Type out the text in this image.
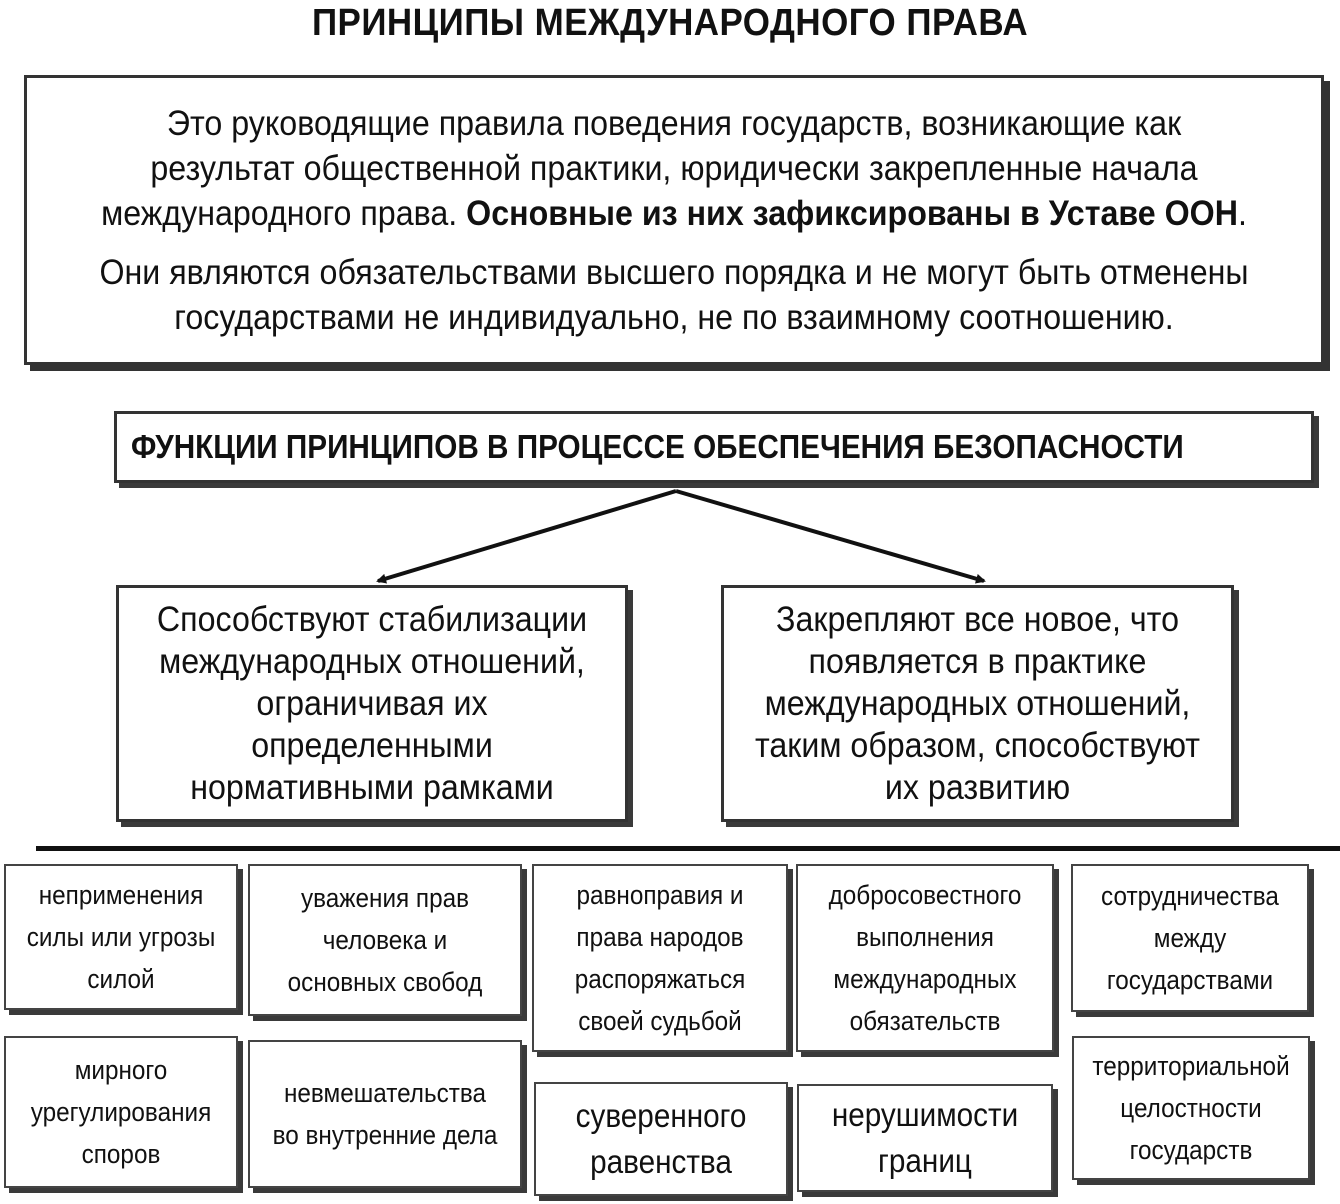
ПРИНЦИПЫ МЕЖДУНАРОДНОГО ПРАВА

Это руководящие правила поведения государств, возникающие как результат общественной практики, юридически закрепленные начала международного права. Основные из них зафиксированы в Уставе ООН.

Они являются обязательствами высшего порядка и не могут быть отменены государствами не индивидуально, не по взаимному соотношению.

ФУНКЦИИ ПРИНЦИПОВ В ПРОЦЕССЕ ОБЕСПЕЧЕНИЯ БЕЗОПАСНОСТИ
Способствуют стабилизации международных отношений, ограничивая их определенными нормативными рамками
Закрепляют все новое, что появляется в практике международных отношений, таким образом, способствуют их развитию
неприменения силы или угрозы силой
уважения прав человека и основных свобод
равноправия и права народов распоряжаться своей судьбой
добросовестного выполнения международных обязательств
сотрудничества между государствами
мирного урегулирования споров
невмешательства во внутренние дела
суверенного равенства
нерушимости границ
территориальной целостности государств
